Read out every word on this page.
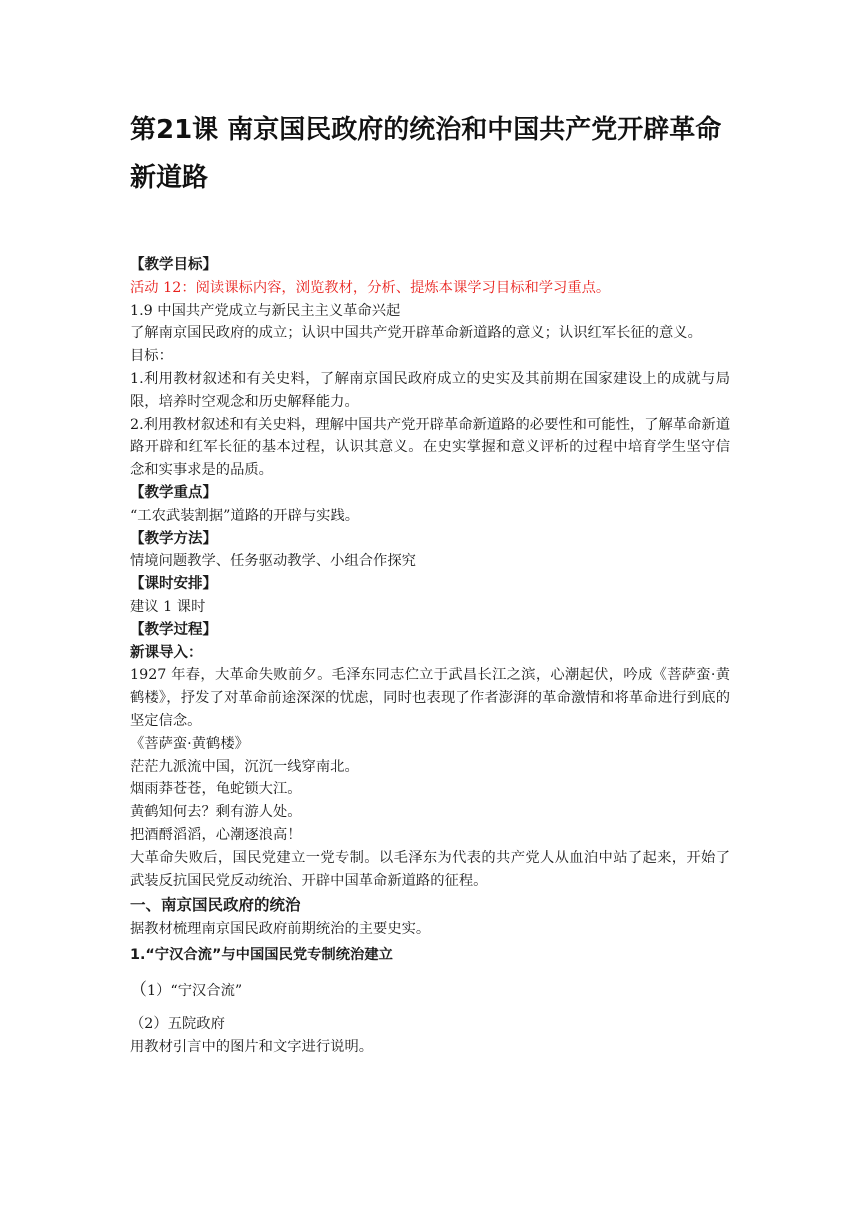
第21课 南京国民政府的统治和中国共产党开辟革命新道路

【教学目标】

活动 12：阅读课标内容，浏览教材，分析、提炼本课学习目标和学习重点。

1.9 中国共产党成立与新民主主义革命兴起

了解南京国民政府的成立；认识中国共产党开辟革命新道路的意义；认识红军长征的意义。

目标：

1.利用教材叙述和有关史料，了解南京国民政府成立的史实及其前期在国家建设上的成就与局限，培养时空观念和历史解释能力。

2.利用教材叙述和有关史料，理解中国共产党开辟革命新道路的必要性和可能性，了解革命新道路开辟和红军长征的基本过程，认识其意义。在史实掌握和意义评析的过程中培育学生坚守信念和实事求是的品质。

【教学重点】

“工农武装割据”道路的开辟与实践。

【教学方法】

情境问题教学、任务驱动教学、小组合作探究

【课时安排】

建议 1 课时

【教学过程】

新课导入：

1927 年春，大革命失败前夕。毛泽东同志伫立于武昌长江之滨，心潮起伏，吟成《菩萨蛮·黄鹤楼》，抒发了对革命前途深深的忧虑，同时也表现了作者澎湃的革命激情和将革命进行到底的坚定信念。

《菩萨蛮·黄鹤楼》

茫茫九派流中国，沉沉一线穿南北。

烟雨莽苍苍，龟蛇锁大江。

黄鹤知何去？剩有游人处。

把酒酹滔滔，心潮逐浪高！

大革命失败后，国民党建立一党专制。以毛泽东为代表的共产党人从血泊中站了起来，开始了武装反抗国民党反动统治、开辟中国革命新道路的征程。

一、南京国民政府的统治

据教材梳理南京国民政府前期统治的主要史实。

1.“宁汉合流”与中国国民党专制统治建立

（1）“宁汉合流”

（2）五院政府

用教材引言中的图片和文字进行说明。
